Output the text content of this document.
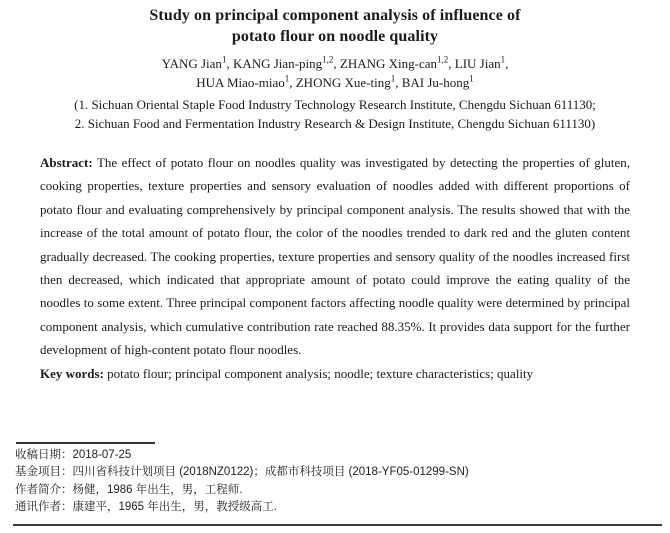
Study on principal component analysis of influence of
potato flour on noodle quality
YANG Jian$^1$, KANG Jian-ping$^{1,2}$, ZHANG Xing-can$^{1,2}$, LIU Jian$^1$,
HUA Miao-miao$^1$, ZHONG Xue-ting$^1$, BAI Ju-hong$^1$
(1. Sichuan Oriental Staple Food Industry Technology Research Institute, Chengdu Sichuan 611130;
2. Sichuan Food and Fermentation Industry Research & Design Institute, Chengdu Sichuan 611130)

Abstract: The effect of potato flour on noodles quality was investigated by detecting the properties of gluten, cooking properties, texture properties and sensory evaluation of noodles added with different proportions of potato flour and evaluating comprehensively by principal component analysis. The results showed that with the increase of the total amount of potato flour, the color of the noodles trended to dark red and the gluten content gradually decreased. The cooking properties, texture properties and sensory quality of the noodles increased first then decreased, which indicated that appropriate amount of potato could improve the eating quality of the noodles to some extent. Three principal component factors affecting noodle quality were determined by principal component analysis, which cumulative contribution rate reached 88.35%. It provides data support for the further development of high-content potato flour noodles.

Key words: potato flour; principal component analysis; noodle; texture characteristics; quality

收稿日期：2018-07-25
基金项目：四川省科技计划项目 (2018NZ0122)；成都市科技项目 (2018-YF05-01299-SN)
作者简介：杨健，1986 年出生，男，工程师.
通讯作者：康建平，1965 年出生，男，教授级高工.
